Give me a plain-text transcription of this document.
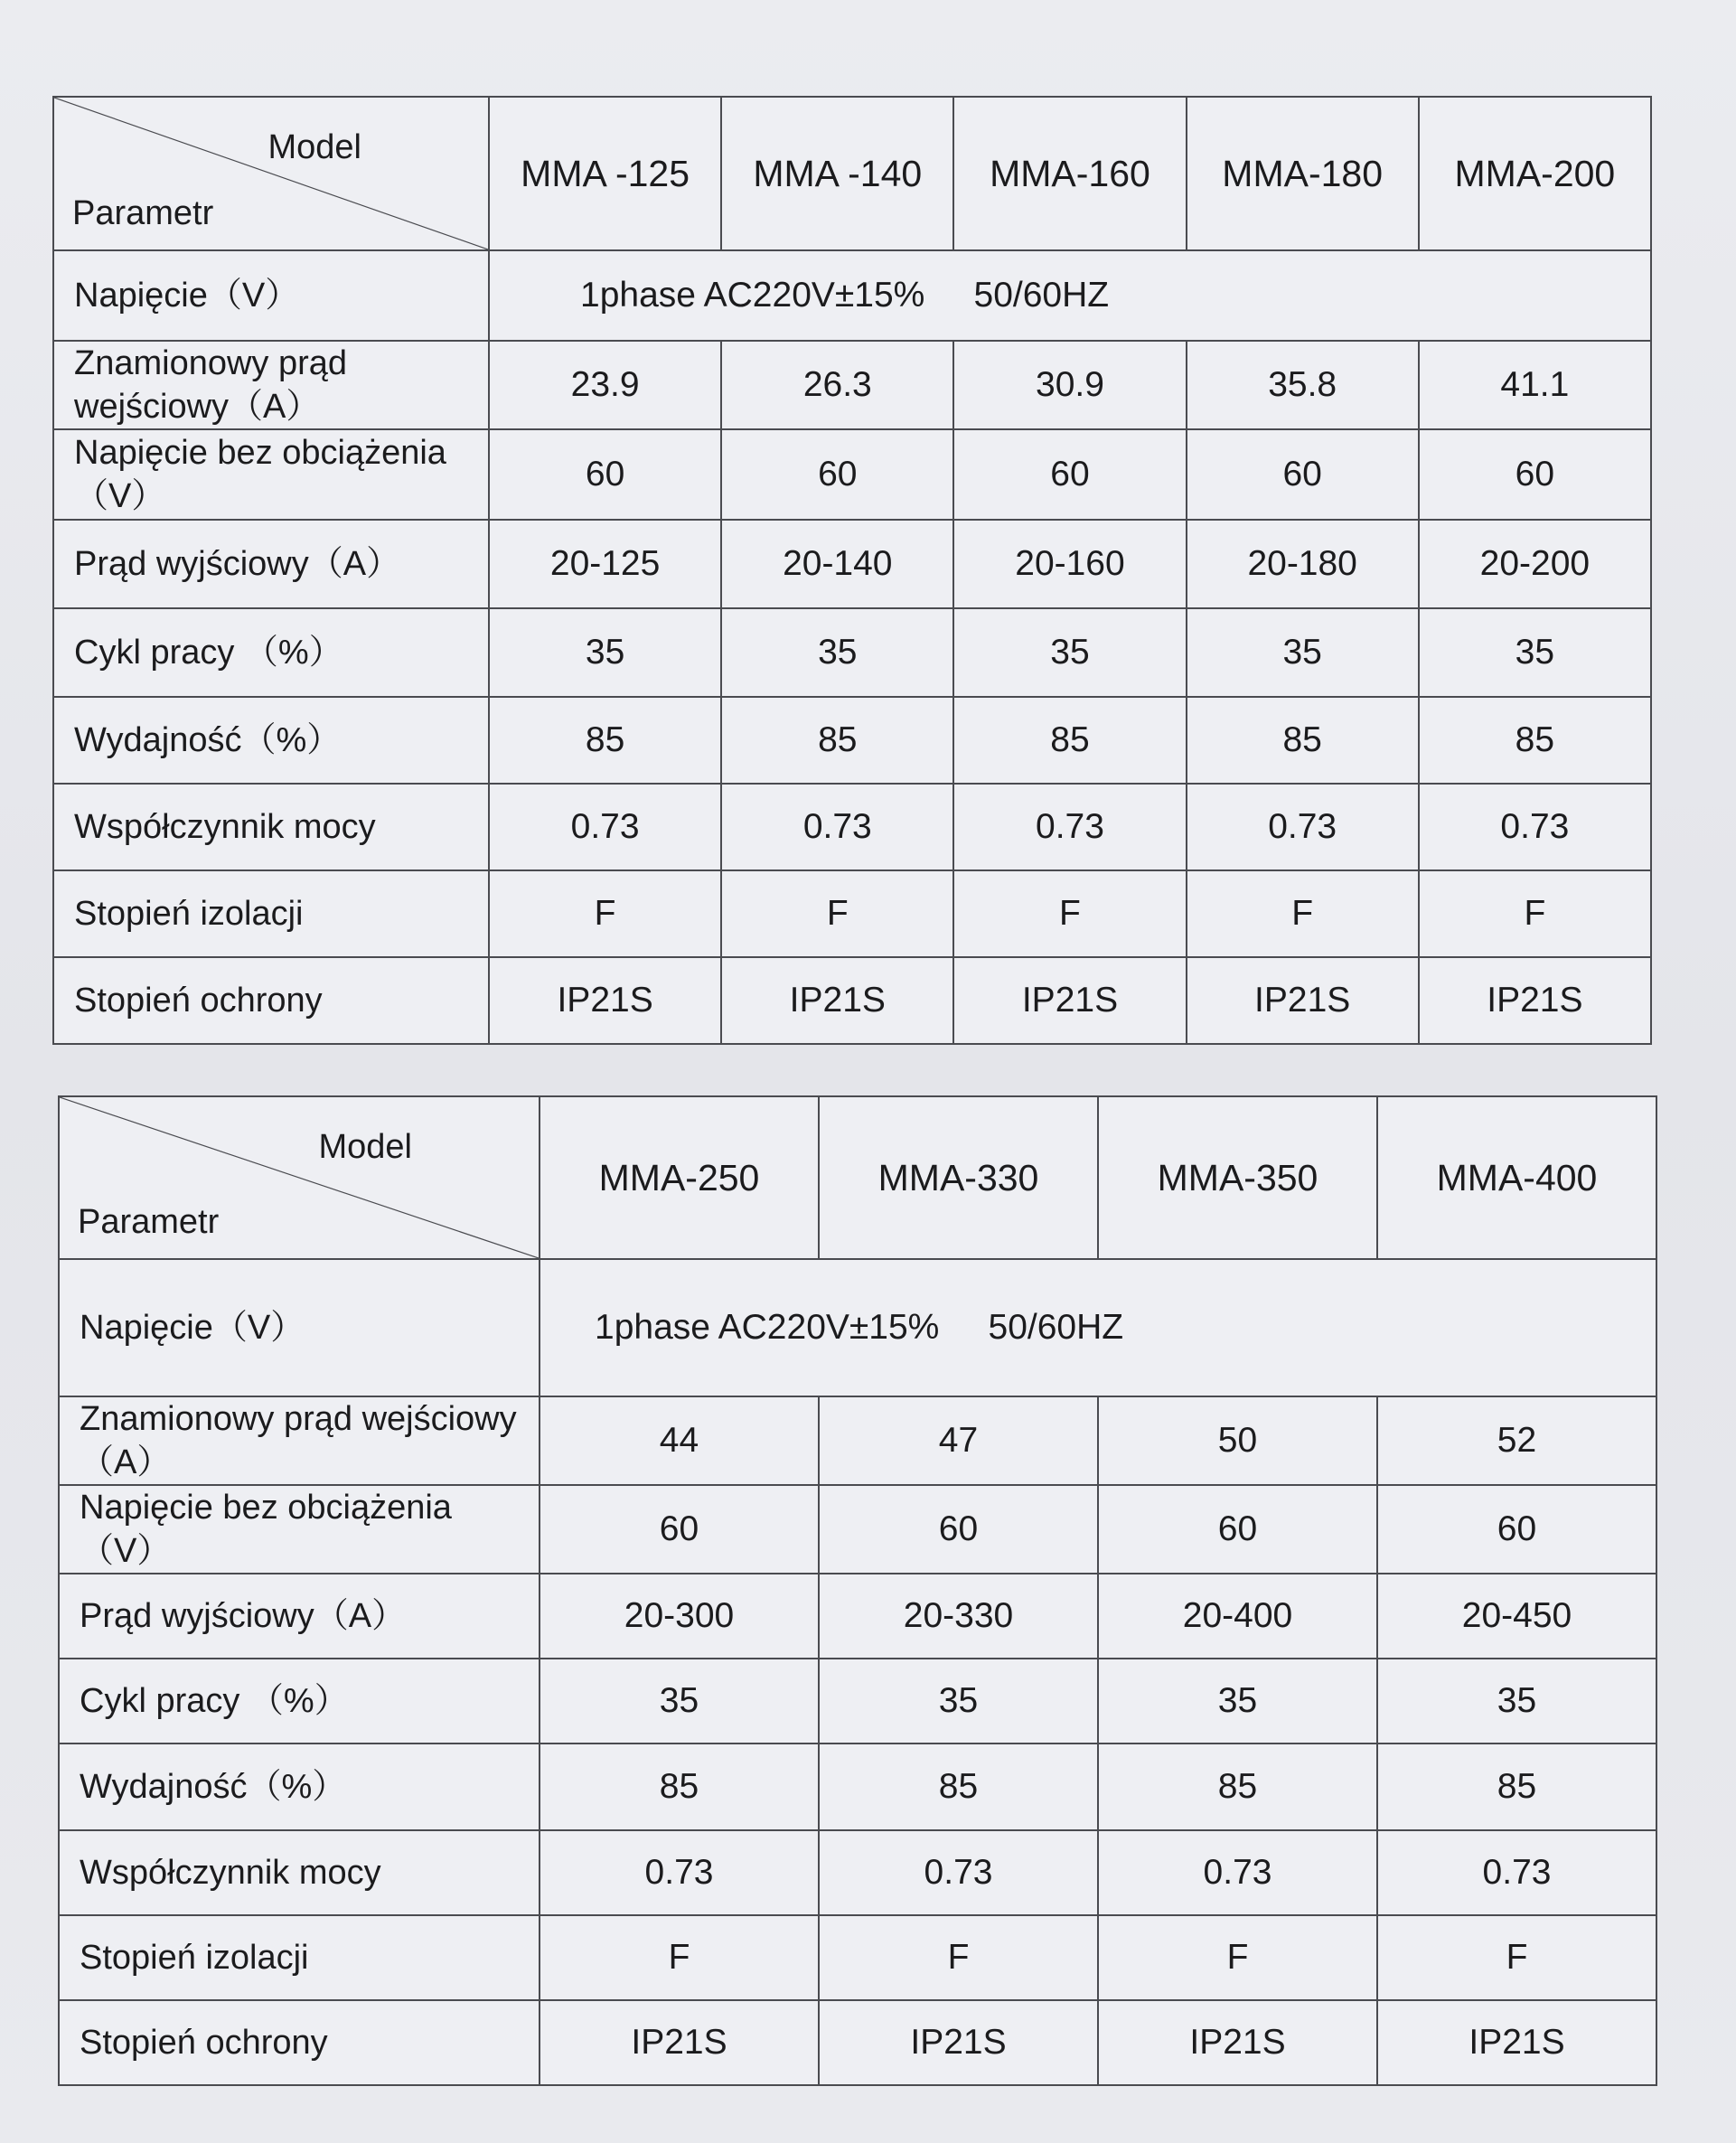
Model
Parametr	MMA -125	MMA -140	MMA-160	MMA-180	MMA-200
Napięcie（V）	1phase AC220V±15%     50/60HZ				
Znamionowy prąd wejściowy（A）	23.9	26.3	30.9	35.8	41.1
Napięcie bez obciążenia （V）	60	60	60	60	60
Prąd wyjściowy（A）	20-125	20-140	20-160	20-180	20-200
Cykl pracy （%）	35	35	35	35	35
Wydajność（%）	85	85	85	85	85
Współczynnik mocy	0.73	0.73	0.73	0.73	0.73
Stopień izolacji	F	F	F	F	F
Stopień ochrony	IP21S	IP21S	IP21S	IP21S	IP21S
Model
Parametr	MMA-250	MMA-330	MMA-350	MMA-400
Napięcie（V）	1phase AC220V±15%     50/60HZ			
Znamionowy prąd wejściowy（A）	44	47	50	52
Napięcie bez obciążenia （V）	60	60	60	60
Prąd wyjściowy（A）	20-300	20-330	20-400	20-450
Cykl pracy （%）	35	35	35	35
Wydajność（%）	85	85	85	85
Współczynnik mocy	0.73	0.73	0.73	0.73
Stopień izolacji	F	F	F	F
Stopień ochrony	IP21S	IP21S	IP21S	IP21S
